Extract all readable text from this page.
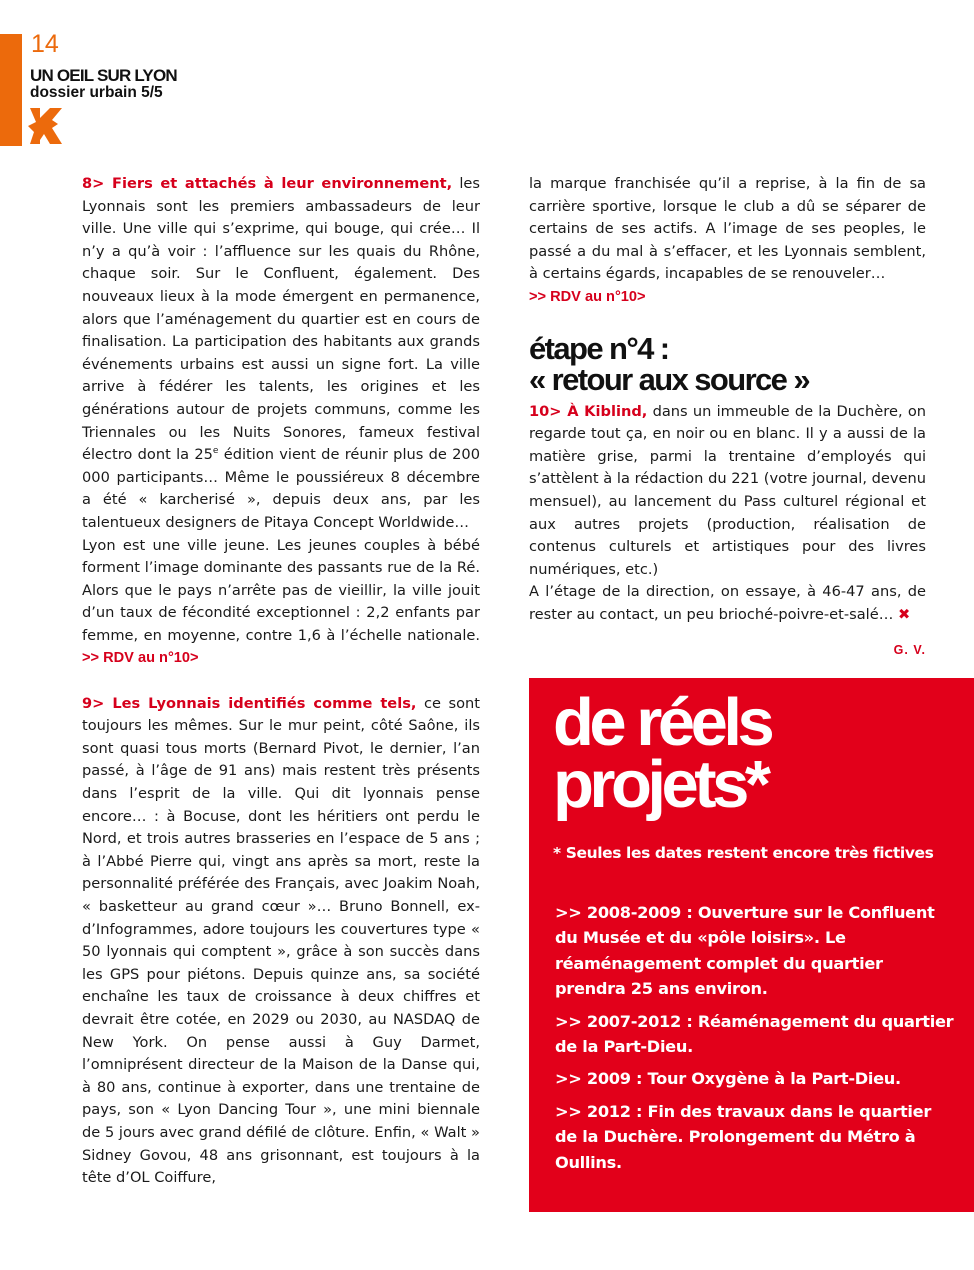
14
UN OEIL SUR LYON
dossier urbain 5/5

8> Fiers et attachés à leur environnement, les Lyonnais sont les premiers ambassadeurs de leur ville. Une ville qui s’exprime, qui bouge, qui crée… Il n’y a qu’à voir : l’affluence sur les quais du Rhône, chaque soir. Sur le Confluent, également. Des nouveaux lieux à la mode émergent en permanence, alors que l’aménagement du quartier est en cours de finalisation. La participation des habitants aux grands événements urbains est aussi un signe fort. La ville arrive à fédérer les talents, les origines et les générations autour de projets communs, comme les Triennales ou les Nuits Sonores, fameux festival électro dont la 25e édition vient de réunir plus de 200 000 participants… Même le poussiéreux 8 décembre a été « karcherisé », depuis deux ans, par les talentueux designers de Pitaya Concept Worldwide…

Lyon est une ville jeune. Les jeunes couples à bébé forment l’image dominante des passants rue de la Ré. Alors que le pays n’arrête pas de vieillir, la ville jouit d’un taux de fécondité exceptionnel : 2,2 enfants par femme, en moyenne, contre 1,6 à l’échelle nationale. >> RDV au n°10>

9> Les Lyonnais identifiés comme tels, ce sont toujours les mêmes. Sur le mur peint, côté Saône, ils sont quasi tous morts (Bernard Pivot, le dernier, l’an passé, à l’âge de 91 ans) mais restent très présents dans l’esprit de la ville. Qui dit lyonnais pense encore… : à Bocuse, dont les héritiers ont perdu le Nord, et trois autres brasseries en l’espace de 5 ans ; à l’Abbé Pierre qui, vingt ans après sa mort, reste la personnalité préférée des Français, avec Joakim Noah, « basketteur au grand cœur »… Bruno Bonnell, ex-d’Infogrammes, adore toujours les couvertures type « 50 lyonnais qui comptent », grâce à son succès dans les GPS pour piétons. Depuis quinze ans, sa société enchaîne les taux de croissance à deux chiffres et devrait être cotée, en 2029 ou 2030, au NASDAQ de New York. On pense aussi à Guy Darmet, l’omniprésent directeur de la Maison de la Danse qui, à 80 ans, continue à exporter, dans une trentaine de pays, son « Lyon Dancing Tour », une mini biennale de 5 jours avec grand défilé de clôture. Enfin, « Walt » Sidney Govou, 48 ans grisonnant, est toujours à la tête d’OL Coiffure,

la marque franchisée qu’il a reprise, à la fin de sa carrière sportive, lorsque le club a dû se séparer de certains de ses actifs. A l’image de ses peoples, le passé a du mal à s’effacer, et les Lyonnais semblent, à certains égards, incapables de se renouveler…
>> RDV au n°10>

étape n°4 :
« retour aux source »

10> À Kiblind, dans un immeuble de la Duchère, on regarde tout ça, en noir ou en blanc. Il y a aussi de la matière grise, parmi la trentaine d’employés qui s’attèlent à la rédaction du 221 (votre journal, devenu mensuel), au lancement du Pass culturel régional et aux autres projets (production, réalisation de contenus culturels et artistiques pour des livres numériques, etc.)

A l’étage de la direction, on essaye, à 46-47 ans, de rester au contact, un peu brioché-poivre-et-salé… ✖

G. V.
de réels
projets*
* Seules les dates restent encore très fictives
>> 2008-2009 : Ouverture sur le Confluent du Musée et du «pôle loisirs». Le réaménagement complet du quartier prendra 25 ans environ.
>> 2007-2012 : Réaménagement du quartier de la Part-Dieu.
>> 2009 : Tour Oxygène à la Part-Dieu.
>> 2012 : Fin des travaux dans le quartier de la Duchère. Prolongement du Métro à Oullins.
